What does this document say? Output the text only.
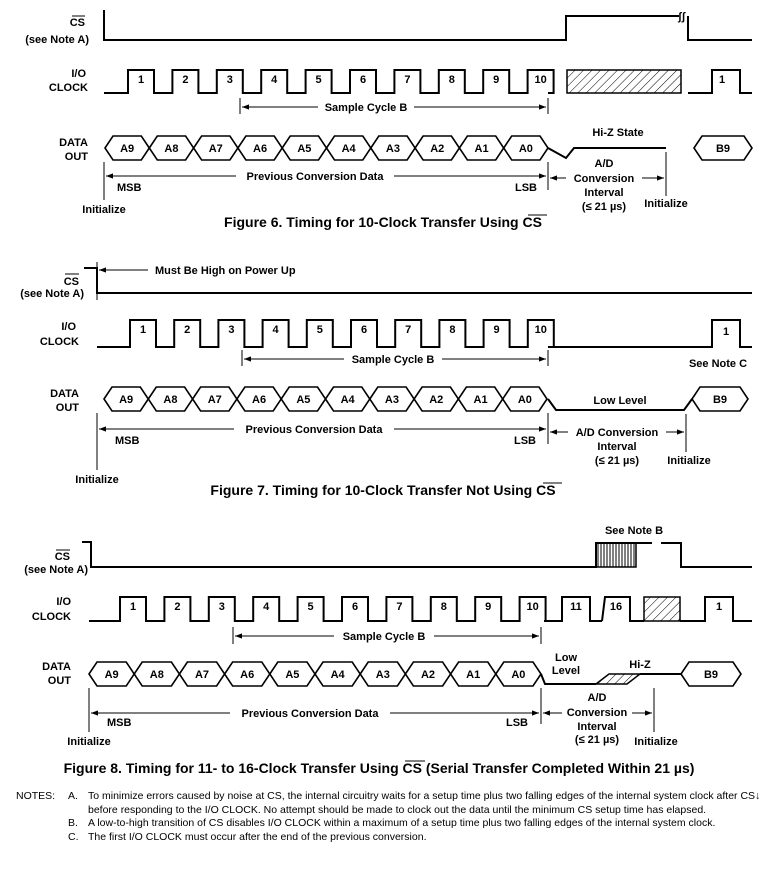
CS
(see Note A)
I/O
CLOCK
DATA
OUT
ʃʃ
1	2	3	4	5	6	7	8	9	10	1
Sample Cycle B
A9	A8	A7	A6	A5	A4	A3	A2	A1	A0
Hi-Z State
B9
Previous Conversion Data
MSB	LSB
Initialize
A/D
Conversion
Interval
(≤ 21 µs) Initialize
Figure 6. Timing for 10-Clock Transfer Using CS
CS
(see Note A)
I/O
CLOCK
DATA
OUT
Must Be High on Power Up
1	2	3	4	5	6	7	8	9	10	1
See Note C
Sample Cycle B
A9	A8	A7	A6	A5	A4	A3	A2	A1	A0	Low Level	B9
Previous Conversion Data
MSB	LSB
Initialize
A/D Conversion
Interval
(≤ 21 µs)	Initialize
Figure 7. Timing for 10-Clock Transfer Not Using CS
CS
(see Note A)
I/O
CLOCK
DATA
OUT
See Note B
1	2	3	4	5	6	7	8	9	10	11	16	1
Sample Cycle B
A9	A8	A7	A6	A5	A4	A3	A2	A1	A0
Low
Level	Hi-Z
B9
Previous Conversion Data
MSB	LSB
Initialize
A/D
Conversion
Interval
(≤ 21 µs) Initialize
Figure 8. Timing for 11- to 16-Clock Transfer Using CS (Serial Transfer Completed Within 21 µs)
NOTES:	A. To minimize errors caused by noise at CS, the internal circuitry waits for a setup time plus two falling edges of the internal system clock after CS↓ before responding to the I/O CLOCK. No attempt should be made to clock out the data until the minimum CS setup time has elapsed.
B. A low-to-high transition of CS disables I/O CLOCK within a maximum of a setup time plus two falling edges of the internal system clock.
C. The first I/O CLOCK must occur after the end of the previous conversion.
